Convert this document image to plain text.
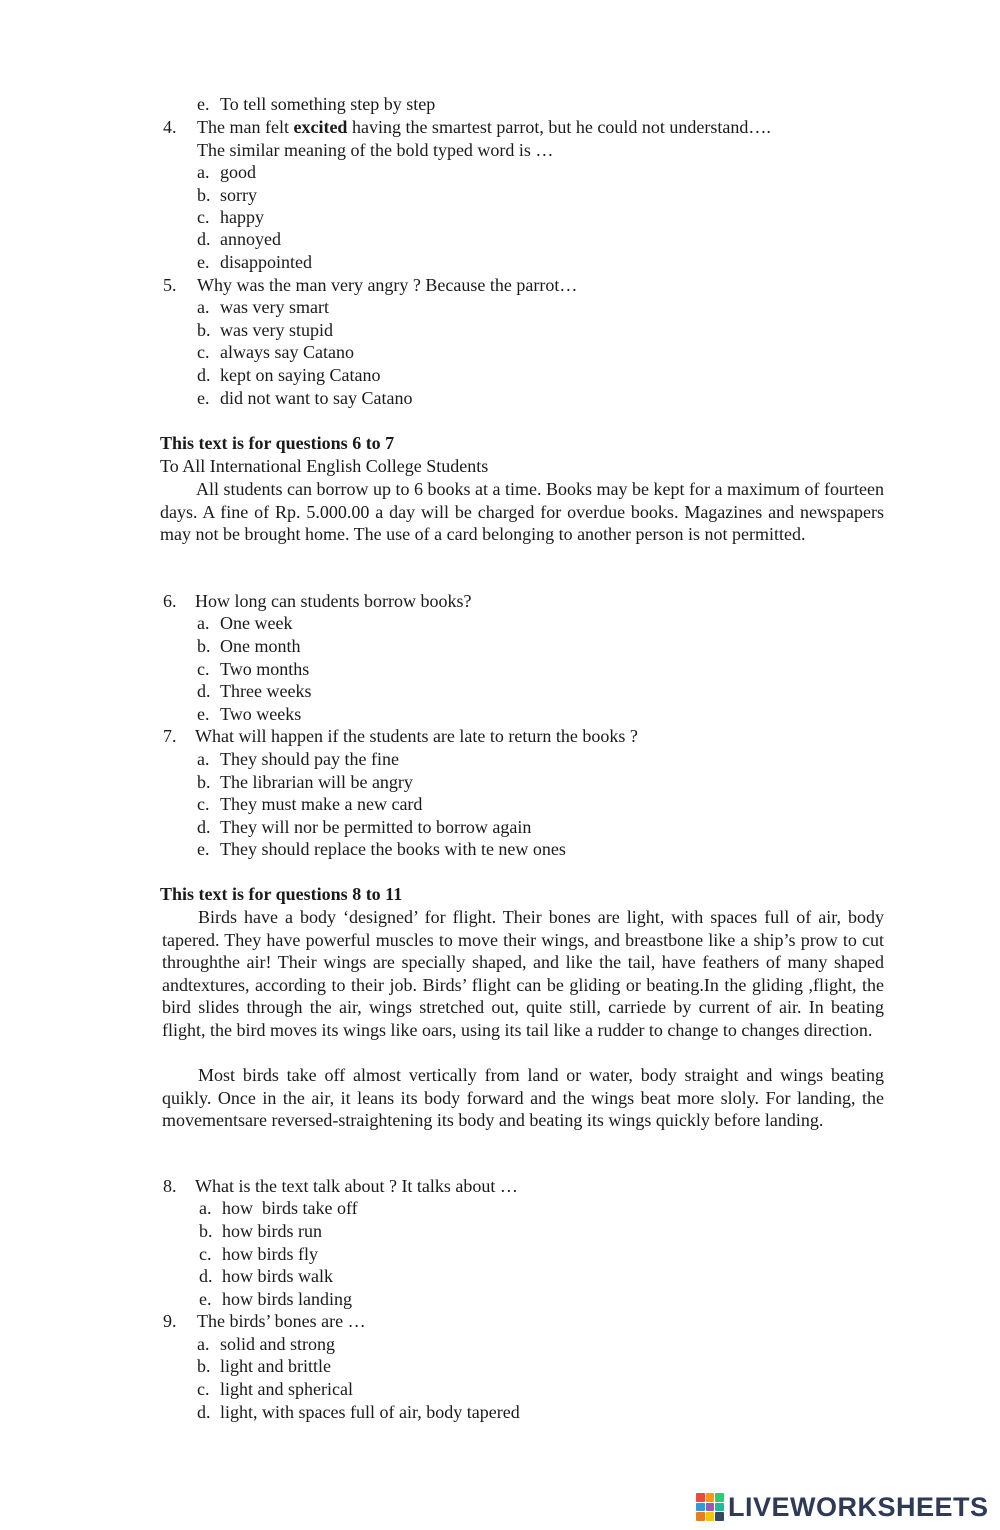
e. To tell something step by step
4. The man felt excited having the smartest parrot, but he could not understand….
The similar meaning of the bold typed word is …
a. good
b. sorry
c. happy
d. annoyed
e. disappointed
5. Why was the man very angry ? Because the parrot…
a. was very smart
b. was very stupid
c. always say Catano
d. kept on saying Catano
e. did not want to say Catano
This text is for questions 6 to 7
To All International English College Students
All students can borrow up to 6 books at a time. Books may be kept for a maximum of fourteen days. A fine of Rp. 5.000.00 a day will be charged for overdue books. Magazines and newspapers may not be brought home. The use of a card belonging to another person is not permitted.
6. How long can students borrow books?
a. One week
b. One month
c. Two months
d. Three weeks
e. Two weeks
7. What will happen if the students are late to return the books ?
a. They should pay the fine
b. The librarian will be angry
c. They must make a new card
d. They will nor be permitted to borrow again
e. They should replace the books with te new ones
This text is for questions 8 to 11
Birds have a body ‘designed’ for flight. Their bones are light, with spaces full of air, body tapered. They have powerful muscles to move their wings, and breastbone like a ship’s prow to cut throughthe air! Their wings are specially shaped, and like the tail, have feathers of many shaped andtextures, according to their job. Birds’ flight can be gliding or beating.In the gliding ,flight, the bird slides through the air, wings stretched out, quite still, carriede by current of air. In beating flight, the bird moves its wings like oars, using its tail like a rudder to change to changes direction.
Most birds take off almost vertically from land or water, body straight and wings beating quikly. Once in the air, it leans its body forward and the wings beat more sloly. For landing, the movementsare reversed-straightening its body and beating its wings quickly before landing.
8. What is the text talk about ? It talks about …
a. how  birds take off
b. how birds run
c. how birds fly
d. how birds walk
e. how birds landing
9. The birds’ bones are …
a. solid and strong
b. light and brittle
c. light and spherical
d. light, with spaces full of air, body tapered
LIVEWORKSHEETS
